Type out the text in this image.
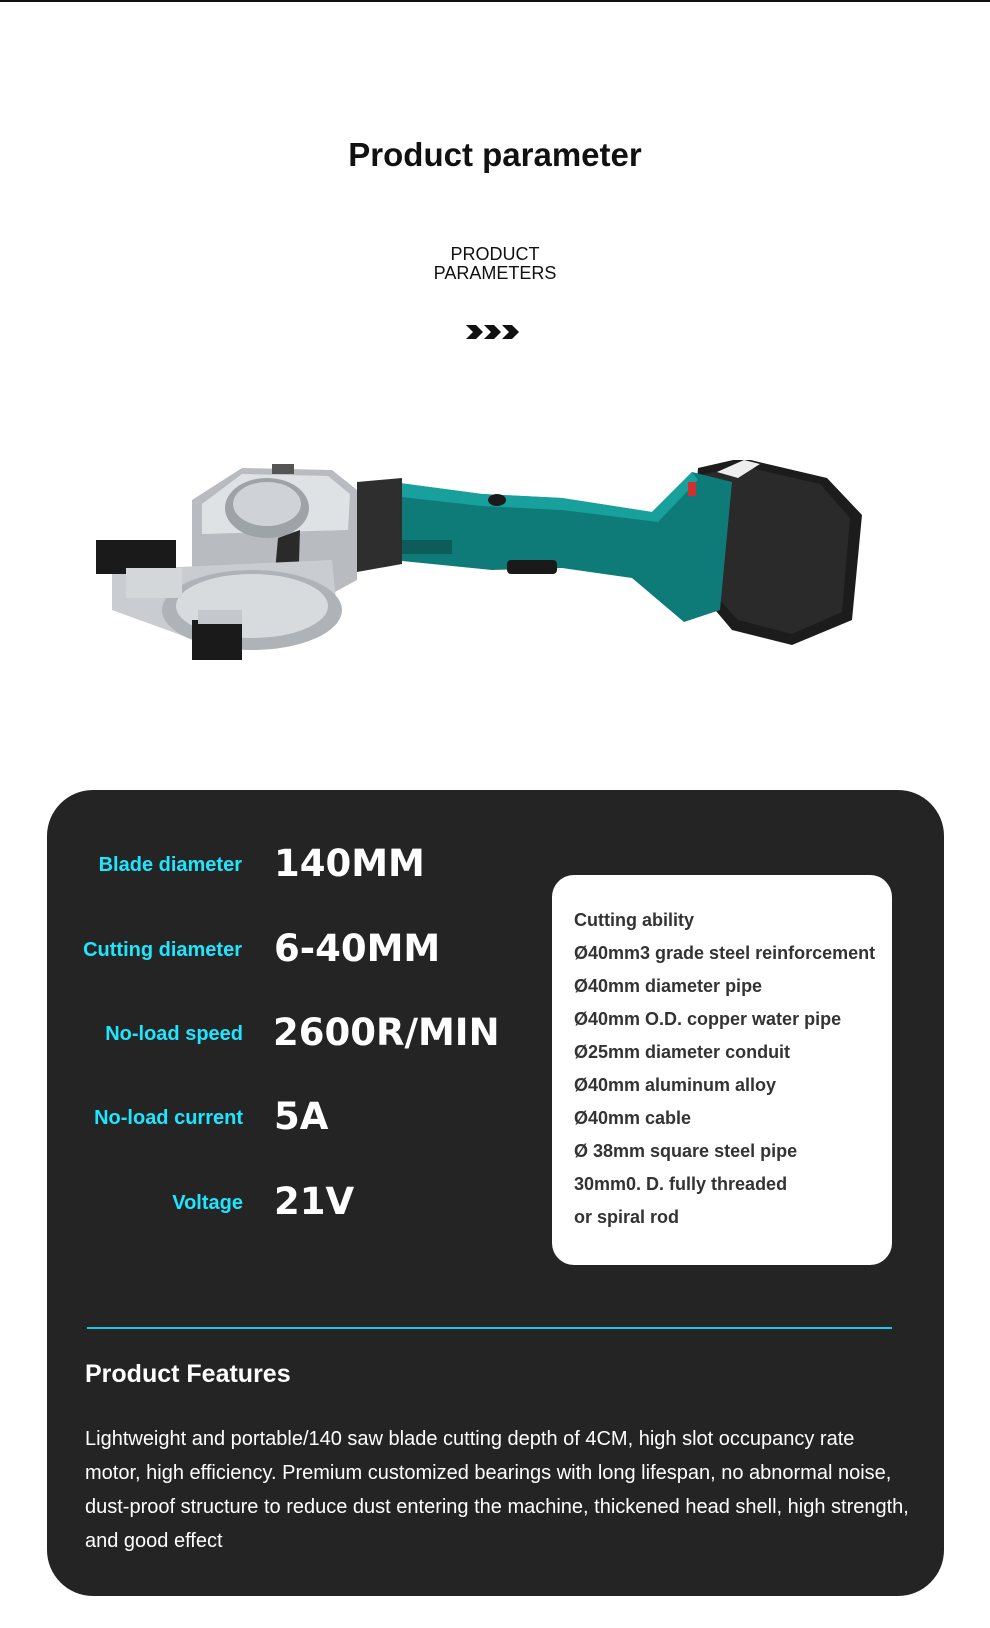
Product parameter
PRODUCT
PARAMETERS
Blade diameter 140MM
Cutting diameter 6-40MM
No-load speed 2600R/MIN
No-load current 5A
Voltage 21V
Cutting ability
Ø40mm3 grade steel reinforcement
Ø40mm diameter pipe
Ø40mm O.D. copper water pipe
Ø25mm diameter conduit
Ø40mm aluminum alloy
Ø40mm cable
Ø 38mm square steel pipe
30mm0. D. fully threaded
or spiral rod
Product Features
Lightweight and portable/140 saw blade cutting depth of 4CM, high slot occupancy rate motor, high efficiency. Premium customized bearings with long lifespan, no abnormal noise, dust-proof structure to reduce dust entering the machine, thickened head shell, high strength, and good effect
